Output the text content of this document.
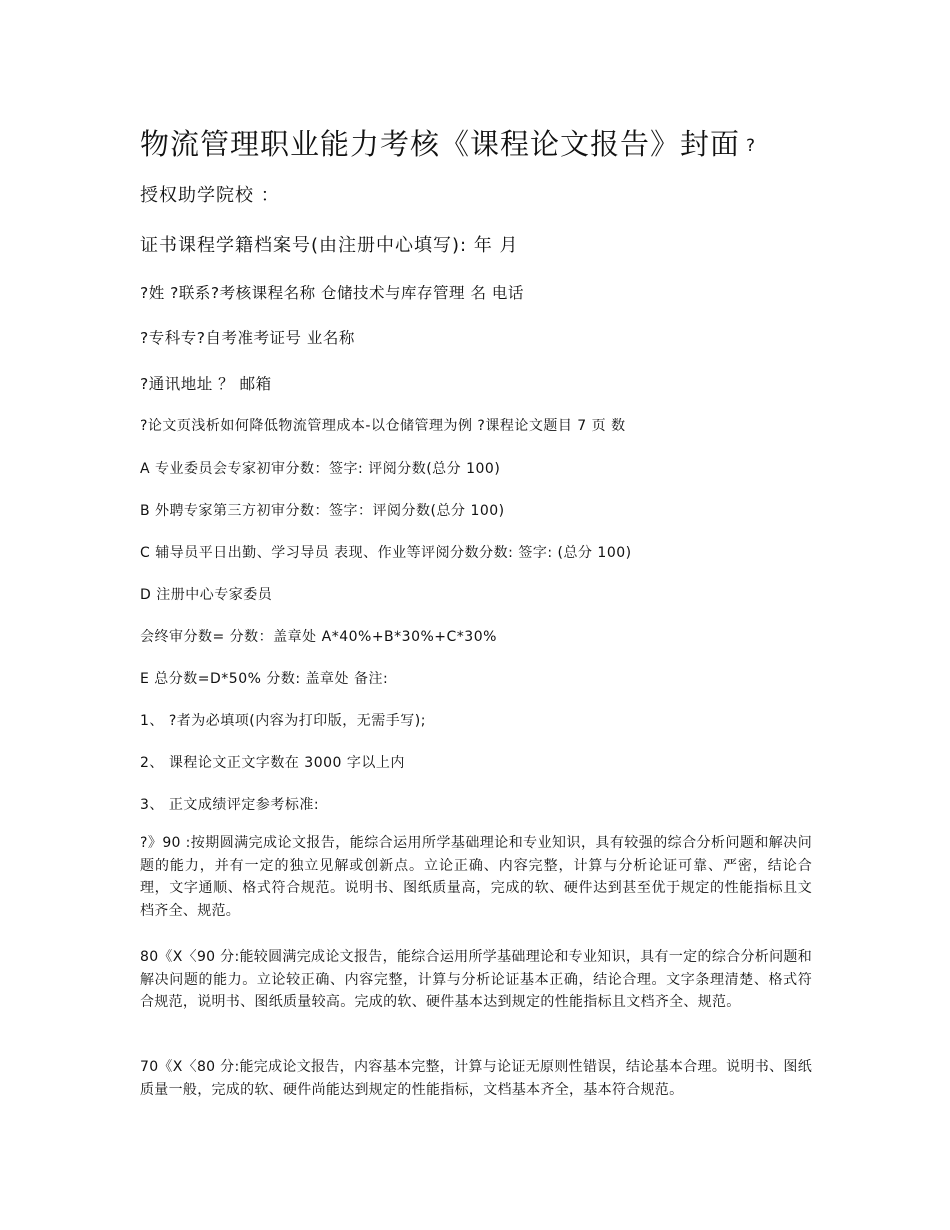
物流管理职业能力考核《课程论文报告》封面 ?
授权助学院校 ：
证书课程学籍档案号(由注册中心填写): 年 月
?姓 ?联系?考核课程名称 仓储技术与库存管理 名 电话
?专科专?自考准考证号 业名称
?通讯地址 ？ 邮箱
?论文页浅析如何降低物流管理成本-以仓储管理为例 ?课程论文题目 7 页 数
A 专业委员会专家初审分数：签字: 评阅分数(总分 100)
B 外聘专家第三方初审分数：签字：评阅分数(总分 100)
C 辅导员平日出勤、学习导员 表现、作业等评阅分数分数: 签字: (总分 100)
D 注册中心专家委员
会终审分数= 分数：盖章处 A*40%+B*30%+C*30%
E 总分数=D*50% 分数: 盖章处 备注:
1、 ?者为必填项(内容为打印版，无需手写);
2、 课程论文正文字数在 3000 字以上内
3、 正文成绩评定参考标准:
?》90 :按期圆满完成论文报告，能综合运用所学基础理论和专业知识，具有较强的综合分析问题和解决问题的能力，并有一定的独立见解或创新点。立论正确、内容完整，计算与分析论证可靠、严密，结论合理，文字通顺、格式符合规范。说明书、图纸质量高，完成的软、硬件达到甚至优于规定的性能指标且文档齐全、规范。
80《X〈90 分:能较圆满完成论文报告，能综合运用所学基础理论和专业知识，具有一定的综合分析问题和解决问题的能力。立论较正确、内容完整，计算与分析论证基本正确，结论合理。文字条理清楚、格式符合规范，说明书、图纸质量较高。完成的软、硬件基本达到规定的性能指标且文档齐全、规范。
70《X〈80 分:能完成论文报告，内容基本完整，计算与论证无原则性错误，结论基本合理。说明书、图纸质量一般，完成的软、硬件尚能达到规定的性能指标，文档基本齐全，基本符合规范。
